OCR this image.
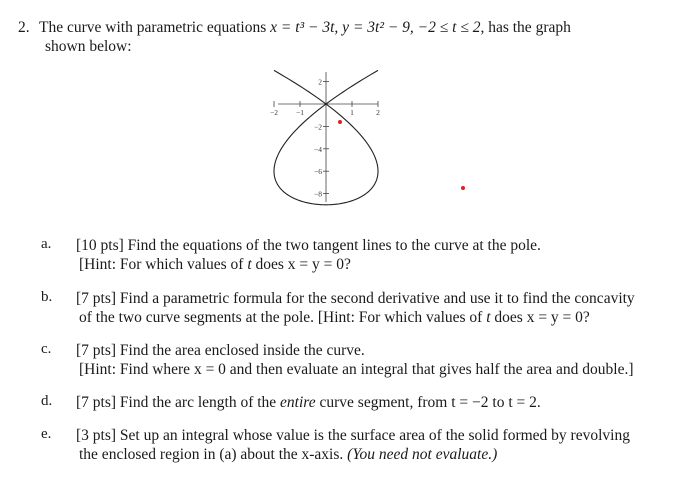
2. The curve with parametric equations x = t³ − 3t, y = 3t² − 9, −2 ≤ t ≤ 2, has the graph
shown below:
−2 −1	1	2
2
−2
−4
−6
−8
a. [10 pts] Find the equations of the two tangent lines to the curve at the pole.
[Hint: For which values of t does x = y = 0?
b. [7 pts] Find a parametric formula for the second derivative and use it to find the concavity
of the two curve segments at the pole. [Hint: For which values of t does x = y = 0?
c. [7 pts] Find the area enclosed inside the curve.
[Hint: Find where x = 0 and then evaluate an integral that gives half the area and double.]
d. [7 pts] Find the arc length of the entire curve segment, from t = −2 to t = 2.
e. [3 pts] Set up an integral whose value is the surface area of the solid formed by revolving
the enclosed region in (a) about the x-axis. (You need not evaluate.)
